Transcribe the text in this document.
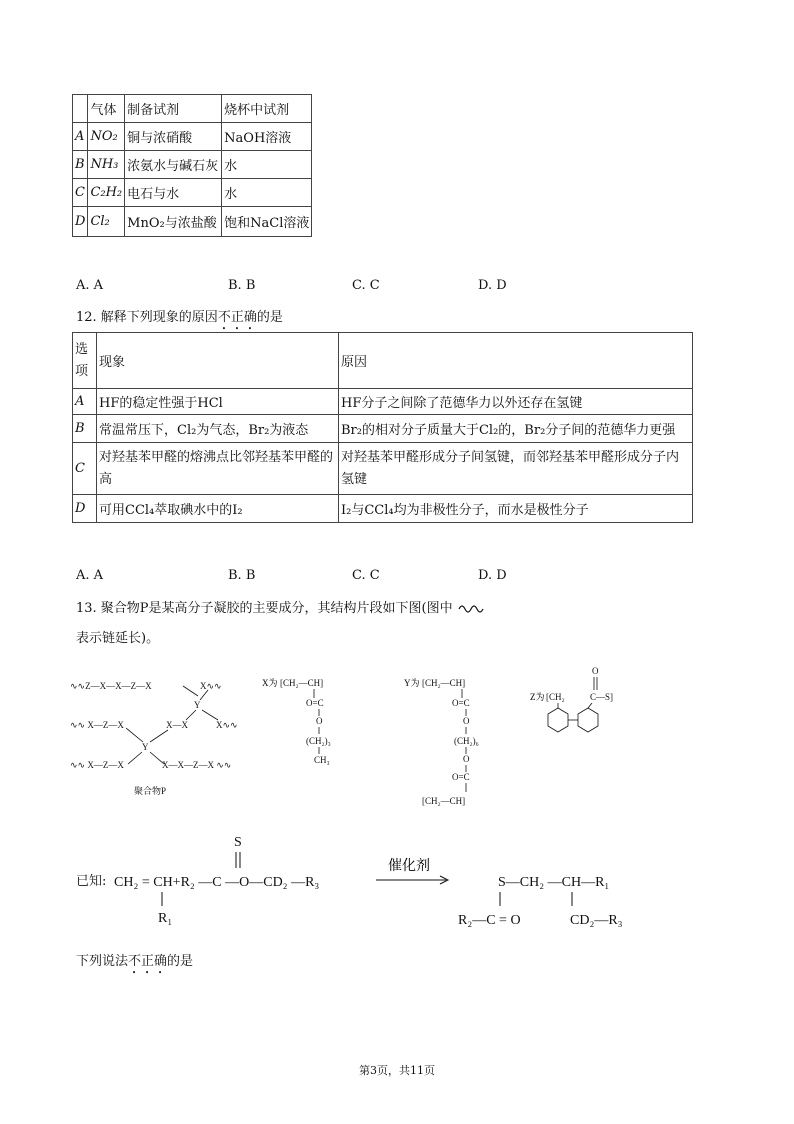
	气体	制备试剂	烧杯中试剂
A	NO₂	铜与浓硝酸	NaOH溶液
B	NH₃	浓氨水与碱石灰	水
C	C₂H₂	电石与水	水
D	Cl₂	MnO₂与浓盐酸	饱和NaCl溶液
A. A	B. B	C. C	D. D
12. 解释下列现象的原因不正确的是
选项	现象	原因
A	HF的稳定性强于HCl	HF分子之间除了范德华力以外还存在氢键
B	常温常压下，Cl₂为气态，Br₂为液态	Br₂的相对分子质量大于Cl₂的，Br₂分子间的范德华力更强
C	对羟基苯甲醛的熔沸点比邻羟基苯甲醛的高	对羟基苯甲醛形成分子间氢键，而邻羟基苯甲醛形成分子内氢键
D	可用CCl₄萃取碘水中的I₂	I₂与CCl₄均为非极性分子，而水是极性分子
A. A	B. B	C. C	D. D
13. 聚合物P是某高分子凝胶的主要成分，其结构片段如下图(图中
表示链延长)。
∿∿Z—X—X—Z—X	X∿∿
Y
∿∿ X—Z—X	X—X	X∿∿
Y
∿∿ X—Z—X	X—X—Z—X ∿∿
聚合物P
X为 [CH₂—CH]
O=C
O
(CH₂)₃
CH₃
Y为 [CH₂—CH]
O=C
O
(CH₂)₆
O
O=C
[CH₂—CH]
Z为 [CH₂
O
C—S]
已知:
S
CH₂ = CH+R₂ —C —O—CD₂ —R₃
R₁
S—CH₂ —CH—R₁
R₂—C = O	CD₂—R₃
催化剂
下列说法不正确的是
第3页，共11页
